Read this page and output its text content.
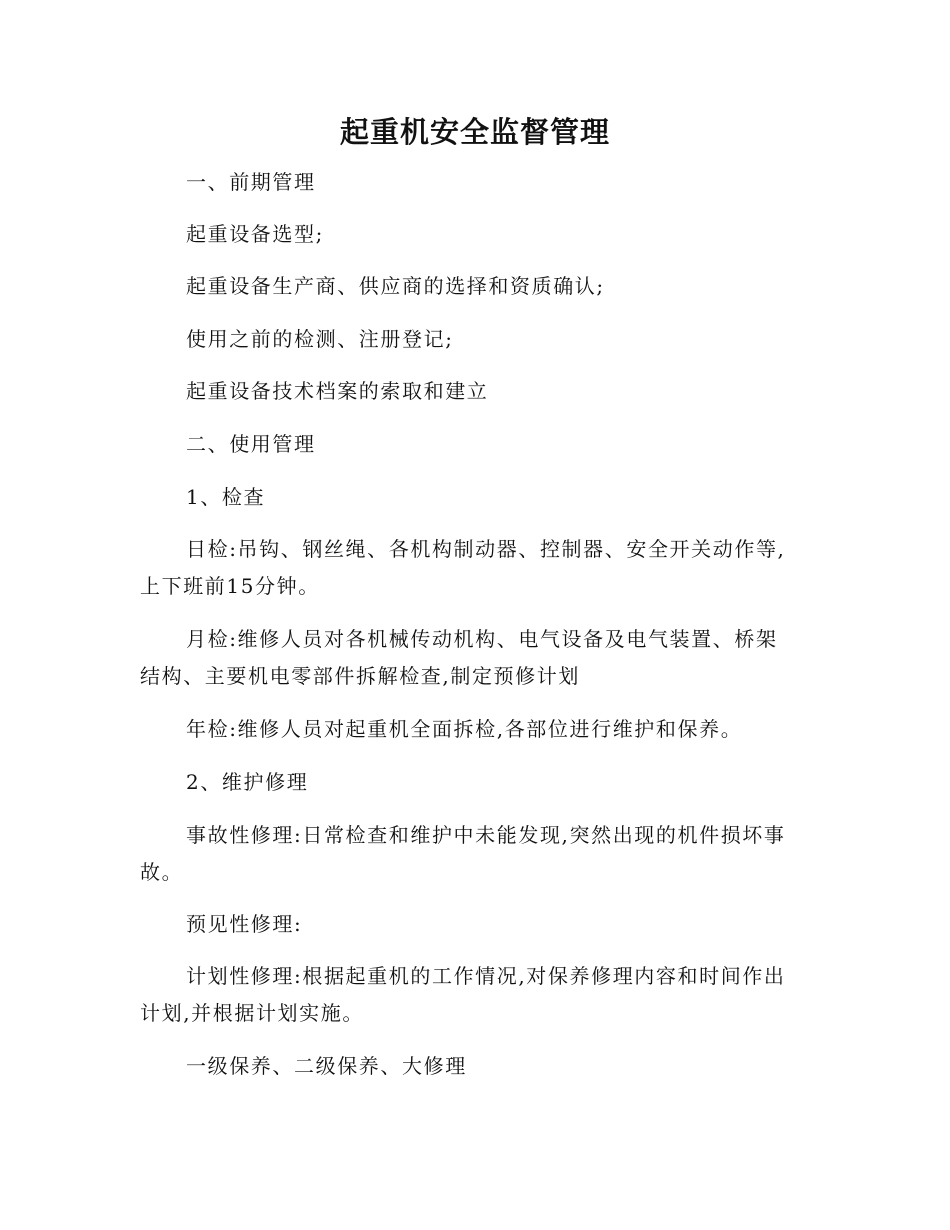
起重机安全监督管理

一、前期管理

起重设备选型;

起重设备生产商、供应商的选择和资质确认;

使用之前的检测、注册登记;

起重设备技术档案的索取和建立

二、使用管理

1、检查

日检:吊钩、钢丝绳、各机构制动器、控制器、安全开关动作等,上下班前15分钟。

月检:维修人员对各机械传动机构、电气设备及电气装置、桥架结构、主要机电零部件拆解检查,制定预修计划

年检:维修人员对起重机全面拆检,各部位进行维护和保养。

2、维护修理

事故性修理:日常检查和维护中未能发现,突然出现的机件损坏事故。

预见性修理:

计划性修理:根据起重机的工作情况,对保养修理内容和时间作出计划,并根据计划实施。

一级保养、二级保养、大修理
